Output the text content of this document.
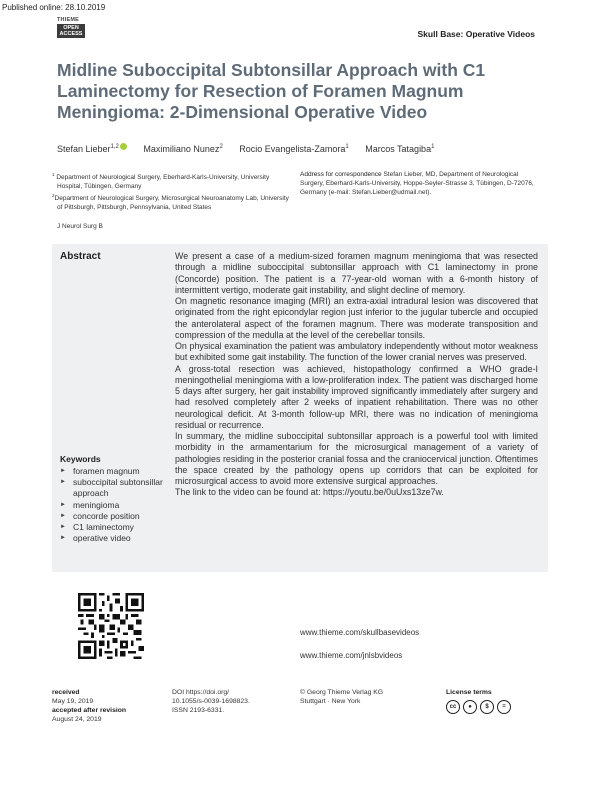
Published online: 28.10.2019
THIEME
OPEN
ACCESS	Skull Base: Operative Videos
Midline Suboccipital Subtonsillar Approach with C1 Laminectomy for Resection of Foramen Magnum Meningioma: 2-Dimensional Operative Video
Stefan Lieber$^{1,2}$	Maximiliano Nunez$^2$ Rocio Evangelista-Zamora$^1$ Marcos Tatagiba$^1$
$^1$ Department of Neurological Surgery, Eberhard-Karls-University, University Hospital, Tübingen, Germany
$^2$Department of Neurological Surgery, Microsurgical Neuroanatomy Lab, University of Pittsburgh, Pittsburgh, Pennsylvania, United States
Address for correspondence Stefan Lieber, MD, Department of Neurological Surgery, Eberhard-Karls-University, Hoppe-Seyler-Strasse 3, Tübingen, D-72076, Germany (e-mail: Stefan.Lieber@udmail.net).
J Neurol Surg B
Abstract	We present a case of a medium-sized foramen magnum meningioma that was resected through a midline suboccipital subtonsillar approach with C1 laminectomy in prone (Concorde) position. The patient is a 77-year-old woman with a 6-month history of intermittent vertigo, moderate gait instability, and slight decline of memory.

On magnetic resonance imaging (MRI) an extra-axial intradural lesion was discovered that originated from the right epicondylar region just inferior to the jugular tubercle and occupied the anterolateral aspect of the foramen magnum. There was moderate transposition and compression of the medulla at the level of the cerebellar tonsils.

On physical examination the patient was ambulatory independently without motor weakness but exhibited some gait instability. The function of the lower cranial nerves was preserved.

A gross-total resection was achieved, histopathology confirmed a WHO grade-I meningothelial meningioma with a low-proliferation index. The patient was discharged home 5 days after surgery, her gait instability improved significantly immediately after surgery and had resolved completely after 2 weeks of inpatient rehabilitation. There was no other neurological deficit. At 3-month follow-up MRI, there was no indication of meningioma residual or recurrence.

In summary, the midline suboccipital subtonsillar approach is a powerful tool with limited morbidity in the armamentarium for the microsurgical management of a variety of pathologies residing in the posterior cranial fossa and the craniocervical junction. Oftentimes the space created by the pathology opens up corridors that can be exploited for microsurgical access to avoid more extensive surgical approaches.

The link to the video can be found at: https://youtu.be/0uUxs13ze7w.

Keywords
► foramen magnum
► suboccipital subtonsillar approach
► meningioma
► concorde position
► C1 laminectomy
► operative video
www.thieme.com/skullbasevideos
www.thieme.com/jnlsbvideos
received
May 19, 2019
accepted after revision
August 24, 2019
DOI https://doi.org/
10.1055/s-0039-1698823.
ISSN 2193-6331.
© Georg Thieme Verlag KG
Stuttgart · New York
License terms
cc	●	$	=
